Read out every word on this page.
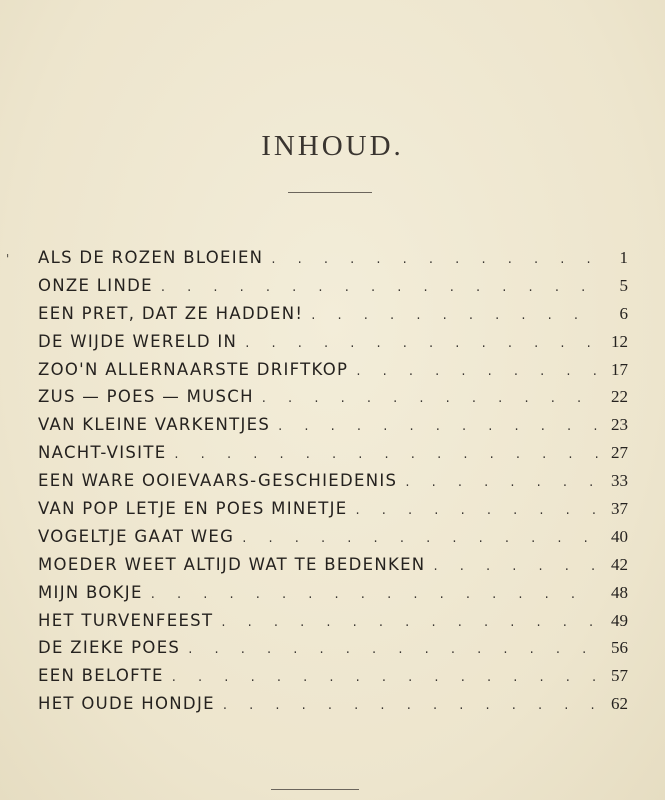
INHOUD.
' ALS DE ROZEN BLOEIEN . . .	1
ONZE LINDE . . .	5
EEN PRET, DAT ZE HADDEN! . . .	6
DE WIJDE WERELD IN . . .	12
ZOO'N ALLERNAARSTE DRIFTKOP . . .	17
ZUS — POES — MUSCH . . .	22
VAN KLEINE VARKENTJES . . .	23
NACHT-VISITE . . .	27
EEN WARE OOIEVAARS-GESCHIEDENIS . . .	33
VAN POP LETJE EN POES MINETJE . . .	37
VOGELTJE GAAT WEG . . .	40
MOEDER WEET ALTIJD WAT TE BEDENKEN . . .	42
MIJN BOKJE . . .	48
HET TURVENFEEST . . .	49
DE ZIEKE POES . . .	56
EEN BELOFTE . . .	57
HET OUDE HONDJE . . .	62
